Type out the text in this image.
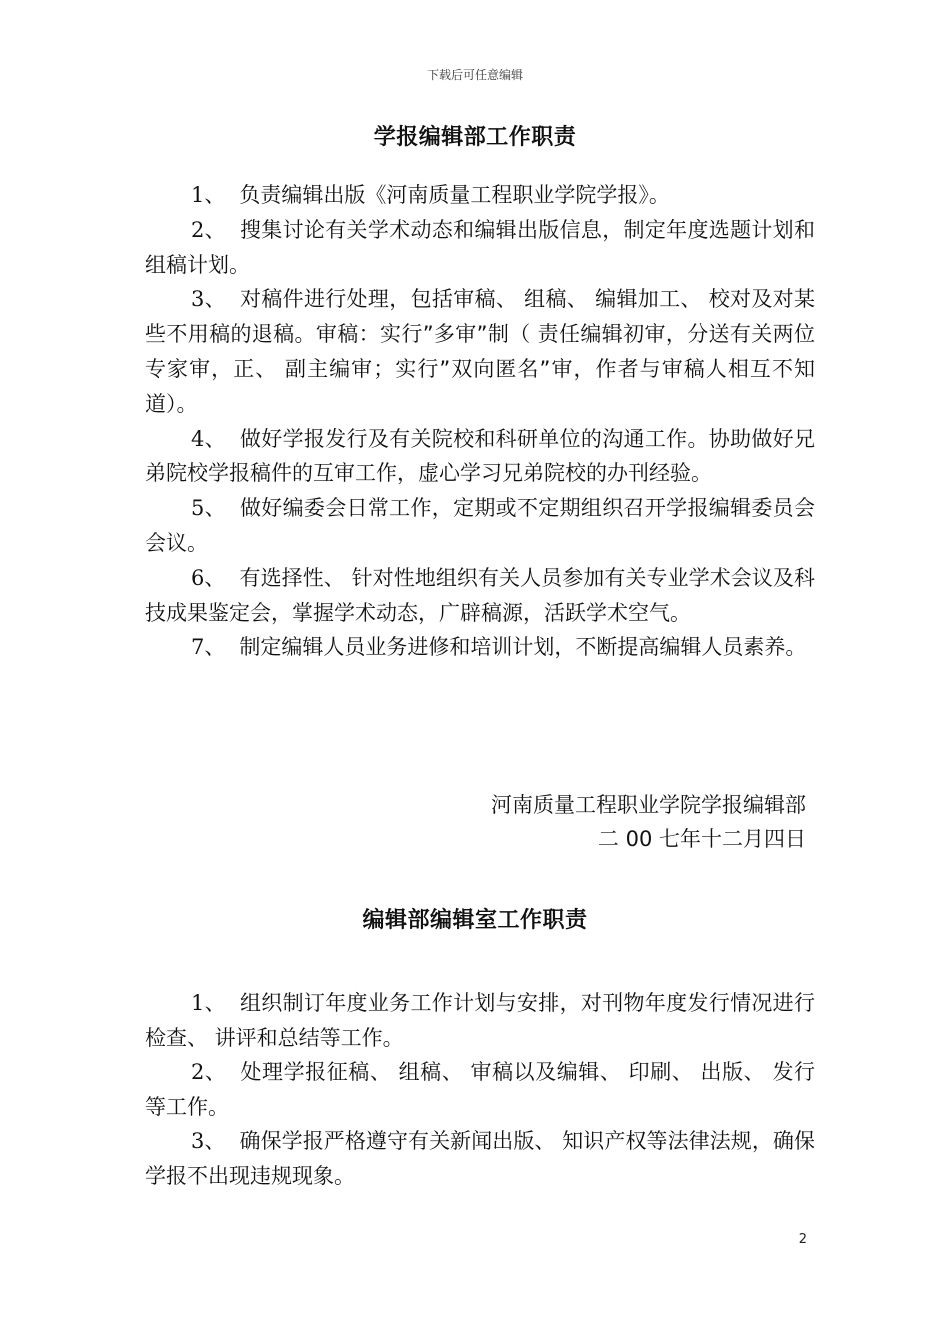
下载后可任意编辑
学报编辑部工作职责

1、 负责编辑出版《河南质量工程职业学院学报》。

2、 搜集讨论有关学术动态和编辑出版信息，制定年度选题计划和组稿计划。

3、 对稿件进行处理，包括审稿、 组稿、 编辑加工、 校对及对某些不用稿的退稿。审稿：实行”多审”制（ 责任编辑初审，分送有关两位专家审，正、 副主编审；实行”双向匿名”审，作者与审稿人相互不知道）。

4、 做好学报发行及有关院校和科研单位的沟通工作。协助做好兄弟院校学报稿件的互审工作，虚心学习兄弟院校的办刊经验。

5、 做好编委会日常工作，定期或不定期组织召开学报编辑委员会会议。

6、 有选择性、 针对性地组织有关人员参加有关专业学术会议及科技成果鉴定会，掌握学术动态，广辟稿源，活跃学术空气。

7、 制定编辑人员业务进修和培训计划，不断提高编辑人员素养。

河南质量工程职业学院学报编辑部
二 00 七年十二月四日
编辑部编辑室工作职责

1、 组织制订年度业务工作计划与安排，对刊物年度发行情况进行检查、 讲评和总结等工作。

2、 处理学报征稿、 组稿、 审稿以及编辑、 印刷、 出版、 发行等工作。

3、 确保学报严格遵守有关新闻出版、 知识产权等法律法规，确保学报不出现违规现象。

2
